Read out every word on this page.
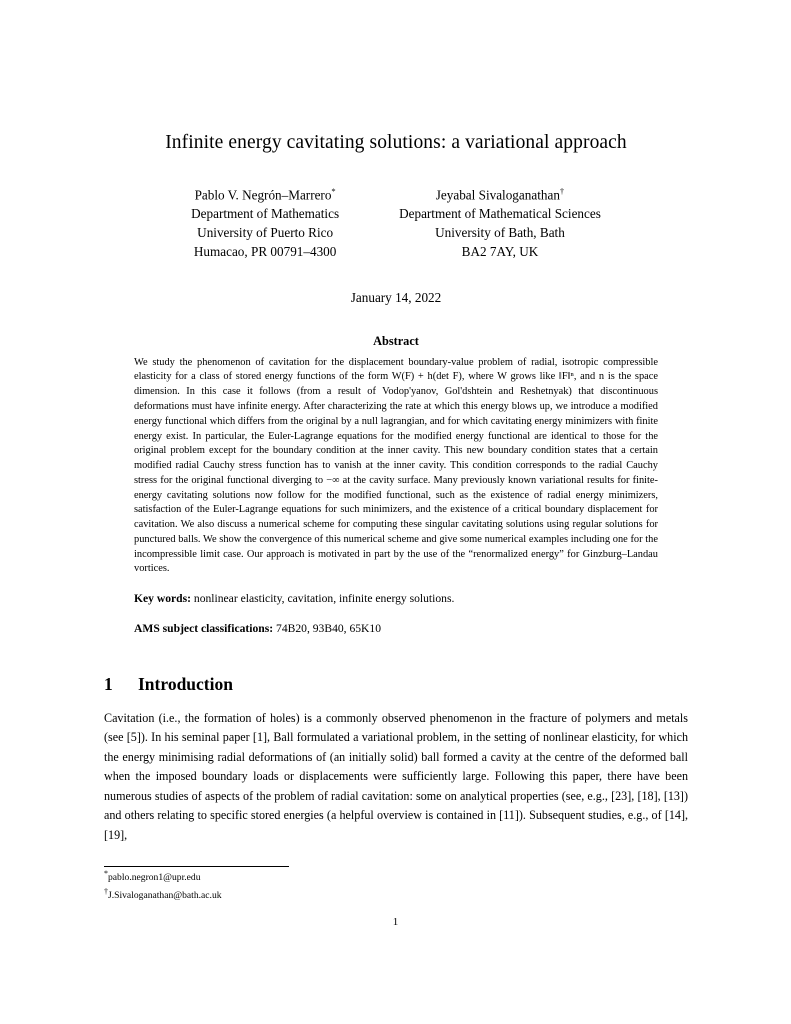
Infinite energy cavitating solutions: a variational approach
Pablo V. Negrón–Marrero*
Department of Mathematics
University of Puerto Rico
Humacao, PR 00791–4300
Jeyabal Sivaloganathan†
Department of Mathematical Sciences
University of Bath, Bath
BA2 7AY, UK
January 14, 2022
Abstract
We study the phenomenon of cavitation for the displacement boundary-value problem of radial, isotropic compressible elasticity for a class of stored energy functions of the form W(F) + h(det F), where W grows like ‖F‖ⁿ, and n is the space dimension. In this case it follows (from a result of Vodop'yanov, Gol'dshtein and Reshetnyak) that discontinuous deformations must have infinite energy. After characterizing the rate at which this energy blows up, we introduce a modified energy functional which differs from the original by a null lagrangian, and for which cavitating energy minimizers with finite energy exist. In particular, the Euler-Lagrange equations for the modified energy functional are identical to those for the original problem except for the boundary condition at the inner cavity. This new boundary condition states that a certain modified radial Cauchy stress function has to vanish at the inner cavity. This condition corresponds to the radial Cauchy stress for the original functional diverging to −∞ at the cavity surface. Many previously known variational results for finite-energy cavitating solutions now follow for the modified functional, such as the existence of radial energy minimizers, satisfaction of the Euler-Lagrange equations for such minimizers, and the existence of a critical boundary displacement for cavitation. We also discuss a numerical scheme for computing these singular cavitating solutions using regular solutions for punctured balls. We show the convergence of this numerical scheme and give some numerical examples including one for the incompressible limit case. Our approach is motivated in part by the use of the “renormalized energy” for Ginzburg–Landau vortices.
Key words: nonlinear elasticity, cavitation, infinite energy solutions.
AMS subject classifications: 74B20, 93B40, 65K10
1 Introduction
Cavitation (i.e., the formation of holes) is a commonly observed phenomenon in the fracture of polymers and metals (see [5]). In his seminal paper [1], Ball formulated a variational problem, in the setting of nonlinear elasticity, for which the energy minimising radial deformations of (an initially solid) ball formed a cavity at the centre of the deformed ball when the imposed boundary loads or displacements were sufficiently large. Following this paper, there have been numerous studies of aspects of the problem of radial cavitation: some on analytical properties (see, e.g., [23], [18], [13]) and others relating to specific stored energies (a helpful overview is contained in [11]). Subsequent studies, e.g., of [14], [19],
*pablo.negron1@upr.edu
†J.Sivaloganathan@bath.ac.uk
1
